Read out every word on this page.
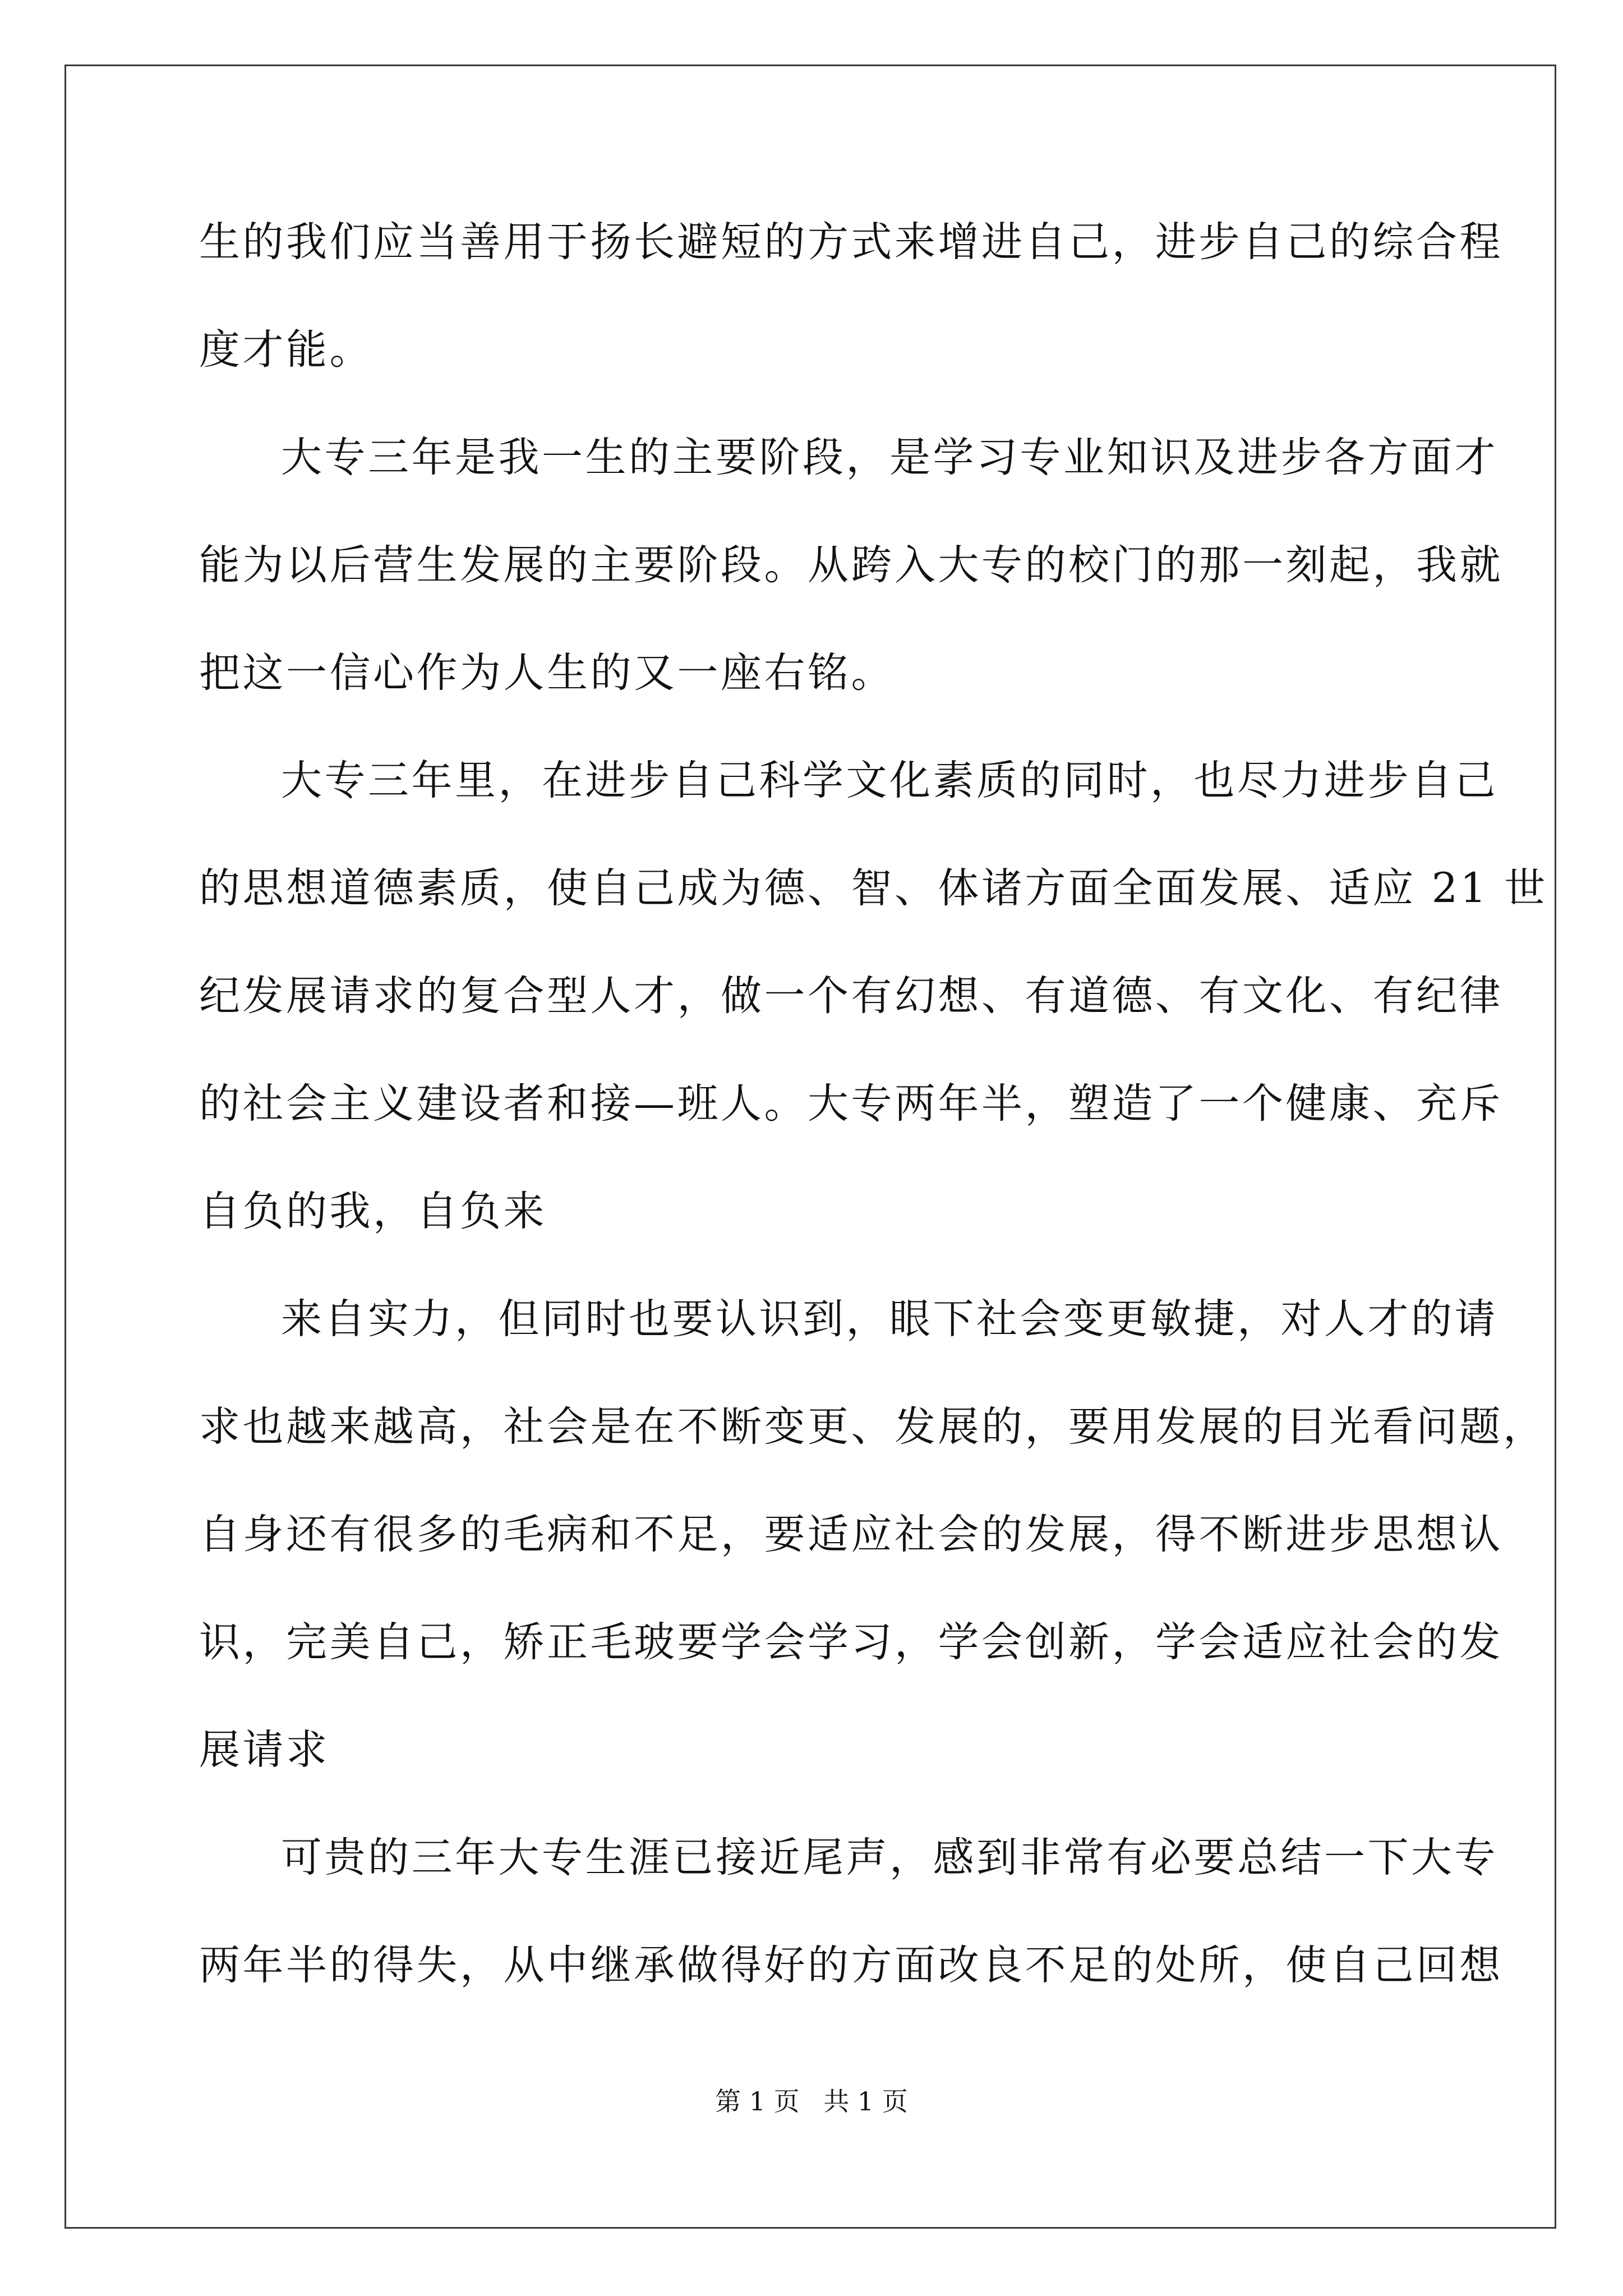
生的我们应当善用于扬长避短的方式来增进自己，进步自己的综合程
度才能。
大专三年是我一生的主要阶段，是学习专业知识及进步各方面才
能为以后营生发展的主要阶段。从跨入大专的校门的那一刻起，我就
把这一信心作为人生的又一座右铭。
大专三年里，在进步自己科学文化素质的同时，也尽力进步自己
的思想道德素质，使自己成为德、智、体诸方面全面发展、适应 21 世
纪发展请求的复合型人才，做一个有幻想、有道德、有文化、有纪律
的社会主义建设者和接—班人。大专两年半，塑造了一个健康、充斥
自负的我，自负来
来自实力，但同时也要认识到，眼下社会变更敏捷，对人才的请
求也越来越高，社会是在不断变更、发展的，要用发展的目光看问题，
自身还有很多的毛病和不足，要适应社会的发展，得不断进步思想认
识，完美自己，矫正毛玻要学会学习，学会创新，学会适应社会的发
展请求
可贵的三年大专生涯已接近尾声，感到非常有必要总结一下大专
两年半的得失，从中继承做得好的方面改良不足的处所，使自己回想
第 1 页 共 1 页
